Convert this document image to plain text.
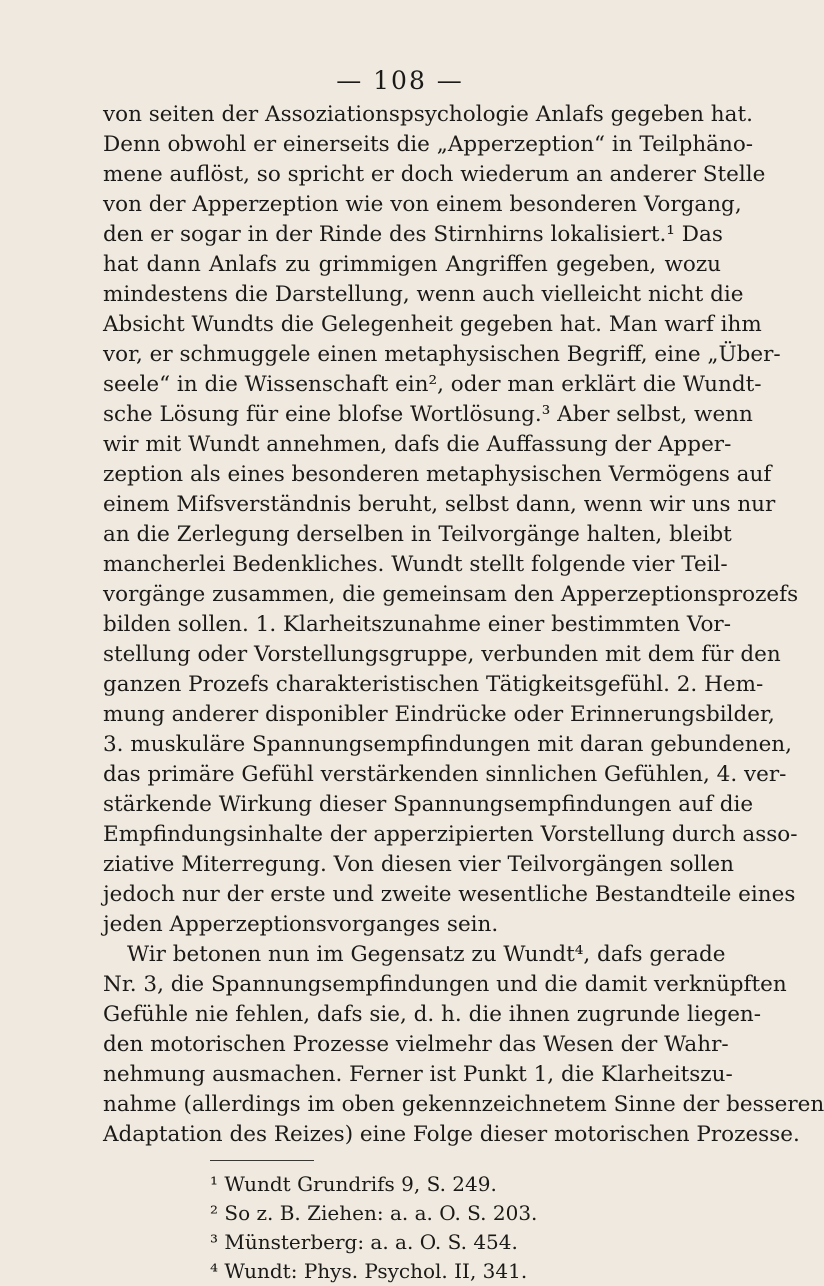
— 108 —
von seiten der Assoziationspsychologie Anlafs gegeben hat.
Denn obwohl er einerseits die „Apperzeption“ in Teilphäno-
mene auflöst, so spricht er doch wiederum an anderer Stelle
von der Apperzeption wie von einem besonderen Vorgang,
den er sogar in der Rinde des Stirnhirns lokalisiert.¹ Das
hat dann Anlafs zu grimmigen Angriffen gegeben, wozu
mindestens die Darstellung, wenn auch vielleicht nicht die
Absicht Wundts die Gelegenheit gegeben hat. Man warf ihm
vor, er schmuggele einen metaphysischen Begriff, eine „Über-
seele“ in die Wissenschaft ein², oder man erklärt die Wundt-
sche Lösung für eine blofse Wortlösung.³ Aber selbst, wenn
wir mit Wundt annehmen, dafs die Auffassung der Apper-
zeption als eines besonderen metaphysischen Vermögens auf
einem Mifsverständnis beruht, selbst dann, wenn wir uns nur
an die Zerlegung derselben in Teilvorgänge halten, bleibt
mancherlei Bedenkliches. Wundt stellt folgende vier Teil-
vorgänge zusammen, die gemeinsam den Apperzeptionsprozefs
bilden sollen. 1. Klarheitszunahme einer bestimmten Vor-
stellung oder Vorstellungsgruppe, verbunden mit dem für den
ganzen Prozefs charakteristischen Tätigkeitsgefühl. 2. Hem-
mung anderer disponibler Eindrücke oder Erinnerungsbilder,
3. muskuläre Spannungsempfindungen mit daran gebundenen,
das primäre Gefühl verstärkenden sinnlichen Gefühlen, 4. ver-
stärkende Wirkung dieser Spannungsempfindungen auf die
Empfindungsinhalte der apperzipierten Vorstellung durch asso-
ziative Miterregung. Von diesen vier Teilvorgängen sollen
jedoch nur der erste und zweite wesentliche Bestandteile eines
jeden Apperzeptionsvorganges sein.
Wir betonen nun im Gegensatz zu Wundt⁴, dafs gerade
Nr. 3, die Spannungsempfindungen und die damit verknüpften
Gefühle nie fehlen, dafs sie, d. h. die ihnen zugrunde liegen-
den motorischen Prozesse vielmehr das Wesen der Wahr-
nehmung ausmachen. Ferner ist Punkt 1, die Klarheitszu-
nahme (allerdings im oben gekennzeichnetem Sinne der besseren
Adaptation des Reizes) eine Folge dieser motorischen Prozesse.
¹ Wundt Grundrifs 9, S. 249.
² So z. B. Ziehen: a. a. O. S. 203.
³ Münsterberg: a. a. O. S. 454.
⁴ Wundt: Phys. Psychol. II, 341.
